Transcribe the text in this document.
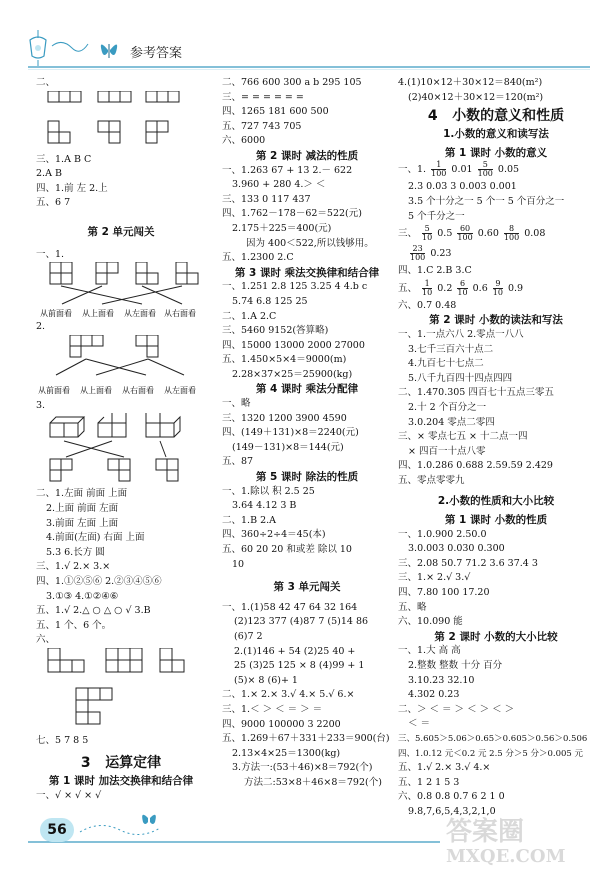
参考答案
二、
三、1.A B C
2.A B
四、1.前 左 2.上
五、6 7
第 2 单元闯关
一、1.
从前面看 从上面看 从左面看 从右面看
2.
从前面看 从上面看 从右面看 从左面看
3.
二、1.左面 前面 上面
2.上面 前面 左面
3.前面 左面 上面
4.前面(左面) 右面 上面
5.3 6.长方 圆
三、1.√ 2.× 3.×
四、1.①②⑤⑥ 2.②③④⑤⑥
3.①③ 4.①②④⑥
五、1.√ 2.△ ○ △ ○ √ 3.B
五、1 个、6 个。
六、
七、5 7 8 5
3 运算定律
第 1 课时 加法交换律和结合律
一、√ × √ × √
二、766 600 300 a b 295 105
三、= = = = = =
四、1265 181 600 500
五、727 743 705
六、6000
第 2 课时 减法的性质
一、1.263 67 + 13 2.－ 622
3.960 + 280 4.＞ ＜
三、133 0 117 437
四、1.762－178－62＝522(元)
2.175＋225＝400(元)
因为 400＜522,所以钱够用。
五、1.2300 2.C
第 3 课时 乘法交换律和结合律
一、1.251 2.8 125 3.25 4 4.b c
5.74 6.8 125 25
二、1.A 2.C
三、5460 9152(答算略)
四、15000 13000 2000 27000
五、1.450×5×4＝9000(m)
2.28×37×25＝25900(kg)
第 4 课时 乘法分配律
一、略
三、1320 1200 3900 4590
四、(149＋131)×8＝2240(元)
(149－131)×8＝144(元)
五、87
第 5 课时 除法的性质
一、1.除以 积 2.5 25
3.64 4.12 3 B
二、1.B 2.A
四、360÷2÷4＝45(本)
五、60 20 20 和或差 除以 10
10
第 3 单元闯关
一、1.(1)58 42 47 64 32 164
(2)123 377 (4)87 7 (5)14 86
(6)7 2
2.(1)146 + 54 (2)25 40 +
25 (3)25 125 × 8 (4)99 + 1
(5)× 8 (6)+ 1
二、1.× 2.× 3.√ 4.× 5.√ 6.×
三、1.＜ ＞ ＜ ＝ ＞ ＝
四、9000 100000 3 2200
五、1.269＋67＋331＋233＝900(台)
2.13×4×25＝1300(kg)
3.方法一:(53＋46)×8＝792(个)
方法二:53×8＋46×8＝792(个)
4.(1)10×12＋30×12＝840(m²)
(2)40×12＋30×12＝120(m²)
4 小数的意义和性质
1.小数的意义和读写法
第 1 课时 小数的意义
一、1. $\frac{1}{100} 0.01 \frac{5}{100} 0.05$
2.3 0.03 3 0.003 0.001
3.5 个十分之一 5 个一 5 个百分之一
5 个千分之一
三、 $\frac{5}{10} 0.5 \frac{60}{100} 0.60 \frac{8}{100} 0.08$
$\frac{23}{100} 0.23$
四、1.C 2.B 3.C
五、 $\frac{1}{10} 0.2 \frac{6}{10} 0.6 \frac{9}{10} 0.9$
六、0.7 0.48
第 2 课时 小数的读法和写法
一、1.一点六八 2.零点一八八
3.七千三百六十点二
4.九百七十七点二
5.八千九百四十四点四四
二、1.470.305 四百七十五点三零五
2.十 2 个百分之一
3.0.204 零点二零四
三、× 零点七五 × 十二点一四
× 四百一十点八零
四、1.0.286 0.688 2.59.59 2.429
五、零点零零九
2.小数的性质和大小比较
第 1 课时 小数的性质
一、1.0.900 2.50.0
3.0.003 0.030 0.300
三、2.08 50.7 71.2 3.6 37.4 3
三、1.× 2.√ 3.√
四、7.80 100 17.20
五、略
六、10.090 能
第 2 课时 小数的大小比较
一、1.大 高 高
2.整数 整数 十分 百分
3.10.23 32.10
4.302 0.23
二、＞ ＜ ＝ ＞ ＜ ＞ ＜ ＞
＜ ＝
三、5.605＞5.06＞0.65＞0.605＞0.56＞0.506
四、1.0.12 元＜0.2 元 2.5 分＞5 分＞0.005 元
五、1.√ 2.× 3.√ 4.×
五、1 2 1 5 3
六、0.8 0.8 0.7 6 2 1 0
9.8,7,6,5,4,3,2,1,0
56	答案圈
MXQE.COM
